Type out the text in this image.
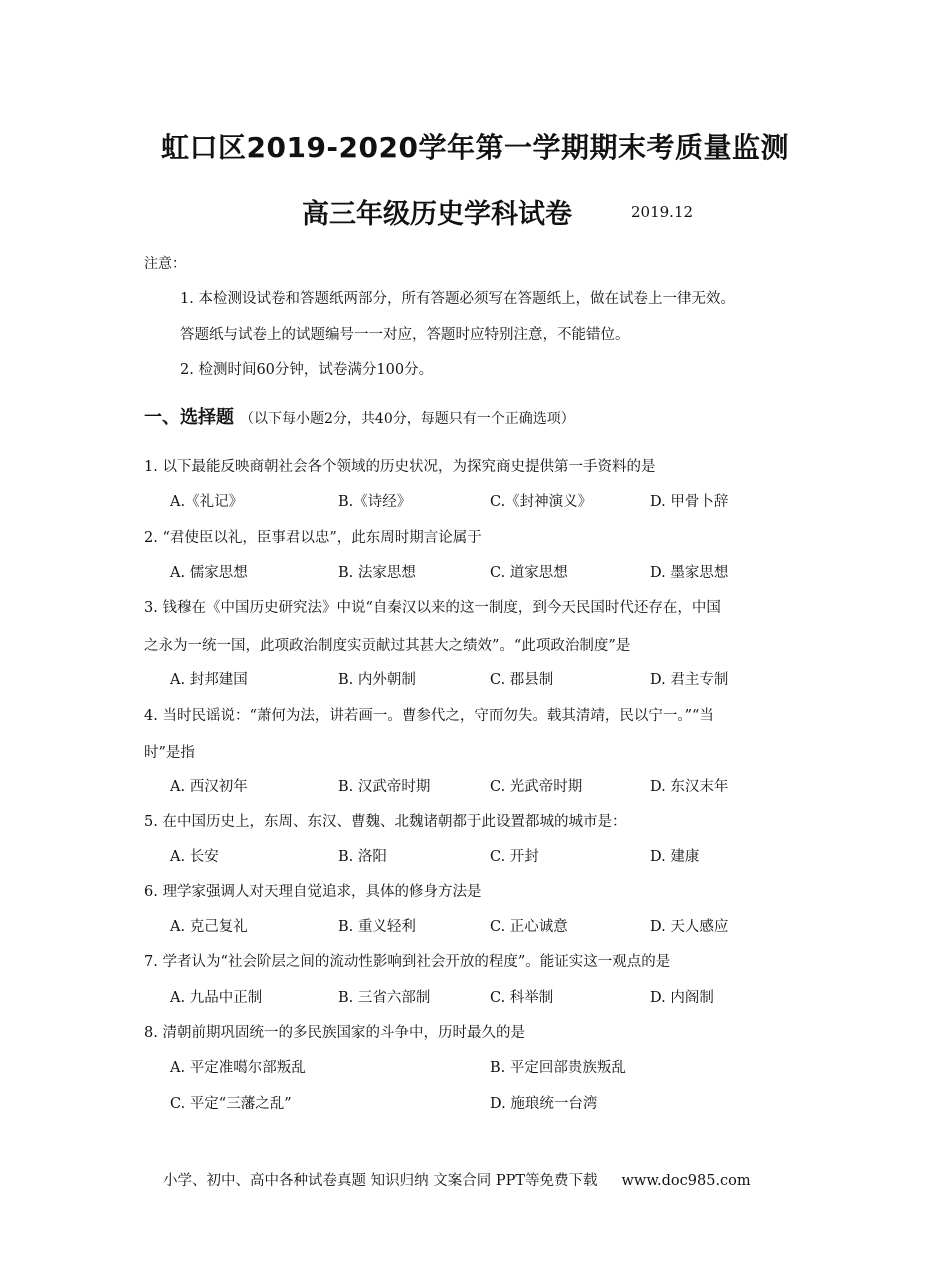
虹口区2019-2020学年第一学期期末考质量监测
高三年级历史学科试卷	2019.12
注意：
1. 本检测设试卷和答题纸两部分，所有答题必须写在答题纸上，做在试卷上一律无效。
答题纸与试卷上的试题编号一一对应，答题时应特别注意，不能错位。
2. 检测时间60分钟，试卷满分100分。
一、选择题 （以下每小题2分，共40分，每题只有一个正确选项）
1. 以下最能反映商朝社会各个领域的历史状况，为探究商史提供第一手资料的是
A.《礼记》	B.《诗经》	C.《封神演义》	D. 甲骨卜辞
2. “君使臣以礼，臣事君以忠”，此东周时期言论属于
A. 儒家思想	B. 法家思想	C. 道家思想	D. 墨家思想
3. 钱穆在《中国历史研究法》中说“自秦汉以来的这一制度，到今天民国时代还存在，中国
之永为一统一国，此项政治制度实贡献过其甚大之绩效”。“此项政治制度”是
A. 封邦建国	B. 内外朝制	C. 郡县制	D. 君主专制
4. 当时民谣说：“萧何为法，讲若画一。曹参代之，守而勿失。载其清靖，民以宁一。”“当
时”是指
A. 西汉初年	B. 汉武帝时期	C. 光武帝时期	D. 东汉末年
5. 在中国历史上，东周、东汉、曹魏、北魏诸朝都于此设置都城的城市是：
A. 长安	B. 洛阳	C. 开封	D. 建康
6. 理学家强调人对天理自觉追求，具体的修身方法是
A. 克己复礼	B. 重义轻利	C. 正心诚意	D. 天人感应
7. 学者认为“社会阶层之间的流动性影响到社会开放的程度”。能证实这一观点的是
A. 九品中正制	B. 三省六部制	C. 科举制	D. 内阁制
8. 清朝前期巩固统一的多民族国家的斗争中，历时最久的是
A. 平定准噶尔部叛乱	B. 平定回部贵族叛乱
C. 平定“三藩之乱”	D. 施琅统一台湾
小学、初中、高中各种试卷真题 知识归纳 文案合同 PPT等免费下载 www.doc985.com
